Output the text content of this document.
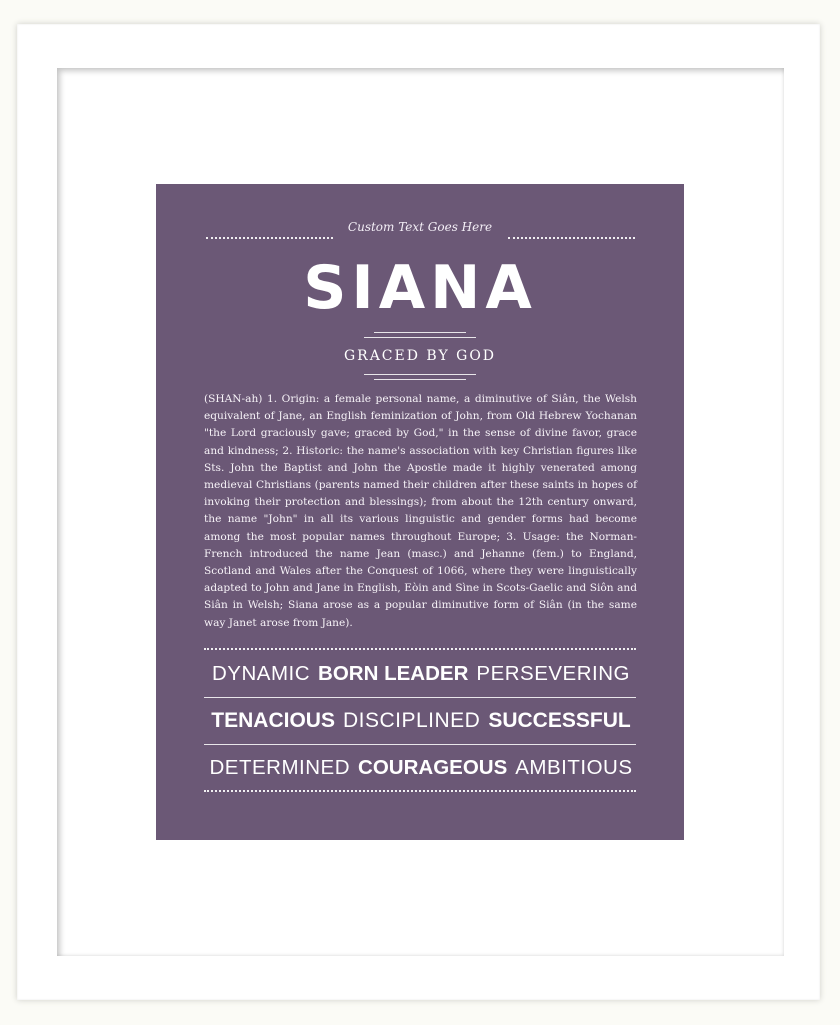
Custom Text Goes Here
SIANA
GRACED BY GOD
(SHAN-ah) 1. Origin: a female personal name, a diminutive of Siân, the Welsh equivalent of Jane, an English feminization of John, from Old Hebrew Yochanan "the Lord graciously gave; graced by God," in the sense of divine favor, grace and kindness; 2. Historic: the name's association with key Christian figures like Sts. John the Baptist and John the Apostle made it highly venerated among medieval Christians (parents named their children after these saints in hopes of invoking their protection and blessings); from about the 12th century onward, the name "John" in all its various linguistic and gender forms had become among the most popular names throughout Europe; 3. Usage: the Norman-French introduced the name Jean (masc.) and Jehanne (fem.) to England, Scotland and Wales after the Conquest of 1066, where they were linguistically adapted to John and Jane in English, Eòin and Sìne in Scots-Gaelic and Siôn and Siân in Welsh; Siana arose as a popular diminutive form of Siân (in the same way Janet arose from Jane).
DYNAMIC BORN LEADER PERSEVERING
TENACIOUS DISCIPLINED SUCCESSFUL
DETERMINED COURAGEOUS AMBITIOUS
